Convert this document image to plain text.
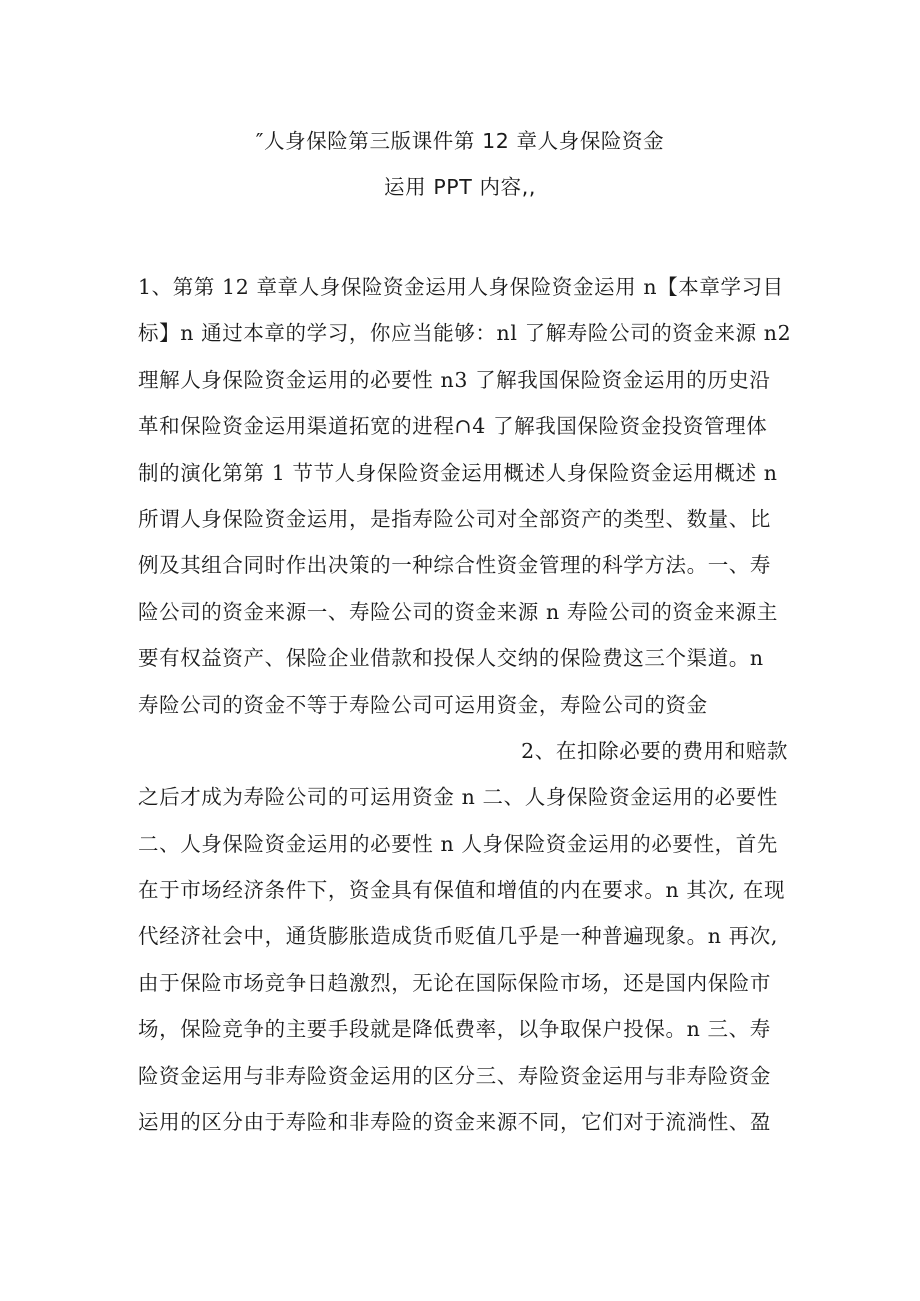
″人身保险第三版课件第 12 章人身保险资金
运用 PPT 内容,,
1、第第 12 章章人身保险资金运用人身保险资金运用 n【本章学习目
标】n 通过本章的学习，你应当能够：nl 了解寿险公司的资金来源 n2
理解人身保险资金运用的必要性 n3 了解我国保险资金运用的历史沿
革和保险资金运用渠道拓宽的进程∩4 了解我国保险资金投资管理体
制的演化第第 1 节节人身保险资金运用概述人身保险资金运用概述 n
所谓人身保险资金运用，是指寿险公司对全部资产的类型、数量、比
例及其组合同时作出决策的一种综合性资金管理的科学方法。一、寿
险公司的资金来源一、寿险公司的资金来源 n 寿险公司的资金来源主
要有权益资产、保险企业借款和投保人交纳的保险费这三个渠道。n
寿险公司的资金不等于寿险公司可运用资金，寿险公司的资金
2、在扣除必要的费用和赔款
之后才成为寿险公司的可运用资金 n 二、人身保险资金运用的必要性
二、人身保险资金运用的必要性 n 人身保险资金运用的必要性，首先
在于市场经济条件下，资金具有保值和增值的内在要求。n 其次, 在现
代经济社会中，通货膨胀造成货币贬值几乎是一种普遍现象。n 再次,
由于保险市场竞争日趋激烈，无论在国际保险市场，还是国内保险市
场，保险竞争的主要手段就是降低费率，以争取保户投保。n 三、寿
险资金运用与非寿险资金运用的区分三、寿险资金运用与非寿险资金
运用的区分由于寿险和非寿险的资金来源不同，它们对于流淌性、盈
